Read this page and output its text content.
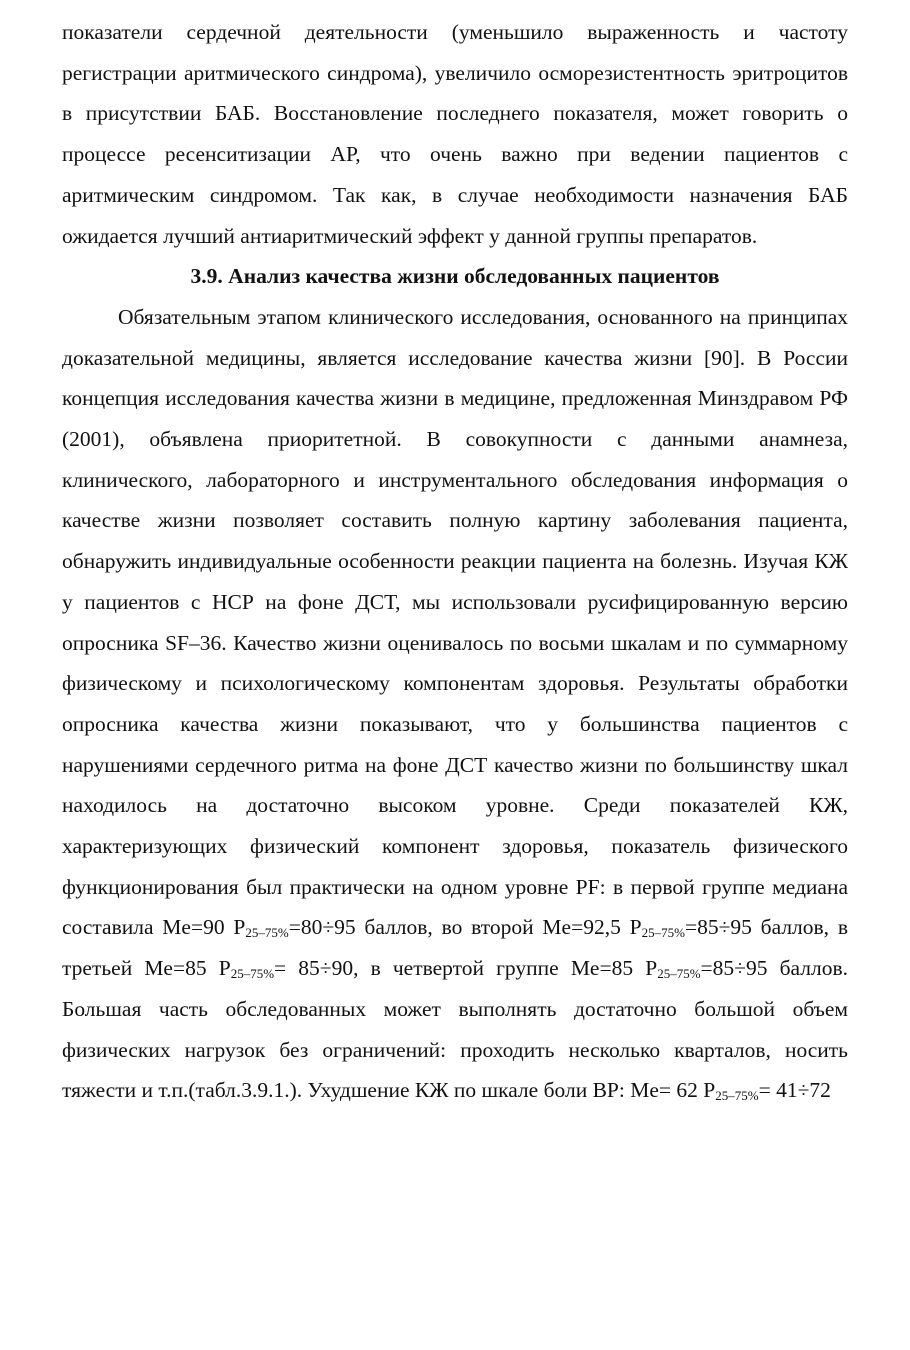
показатели сердечной деятельности (уменьшило выраженность и частоту регистрации аритмического синдрома), увеличило осморезистентность эритроцитов в присутствии БАБ. Восстановление последнего показателя, может говорить о процессе ресенситизации АР, что очень важно при ведении пациентов с аритмическим синдромом. Так как, в случае необходимости назначения БАБ ожидается лучший антиаритмический эффект у данной группы препаратов.

3.9. Анализ качества жизни обследованных пациентов

Обязательным этапом клинического исследования, основанного на принципах доказательной медицины, является исследование качества жизни [90]. В России концепция исследования качества жизни в медицине, предложенная Минздравом РФ (2001), объявлена приоритетной. В совокупности с данными анамнеза, клинического, лабораторного и инструментального обследования информация о качестве жизни позволяет составить полную картину заболевания пациента, обнаружить индивидуальные особенности реакции пациента на болезнь. Изучая КЖ у пациентов с НСР на фоне ДСТ, мы использовали русифицированную версию опросника SF–36. Качество жизни оценивалось по восьми шкалам и по суммарному физическому и психологическому компонентам здоровья. Результаты обработки опросника качества жизни показывают, что у большинства пациентов с нарушениями сердечного ритма на фоне ДСТ качество жизни по большинству шкал находилось на достаточно высоком уровне. Среди показателей КЖ, характеризующих физический компонент здоровья, показатель физического функционирования был практически на одном уровне PF: в первой группе медиана составила Me=90 $P_{25-75\%}=80\div 95$ баллов, во второй Me=92,5 $P_{25-75\%}=85\div 95$ баллов, в третьей Me=85 $P_{25-75\%}= 85\div 90$, в четвертой группе Me=85 $P_{25-75\%}=85\div 95$ баллов. Большая часть обследованных может выполнять достаточно большой объем физических нагрузок без ограничений: проходить несколько кварталов, носить тяжести и т.п.(табл.3.9.1.). Ухудшение КЖ по шкале боли BP: Me= 62 $P_{25-75\%}= 41\div 72$
